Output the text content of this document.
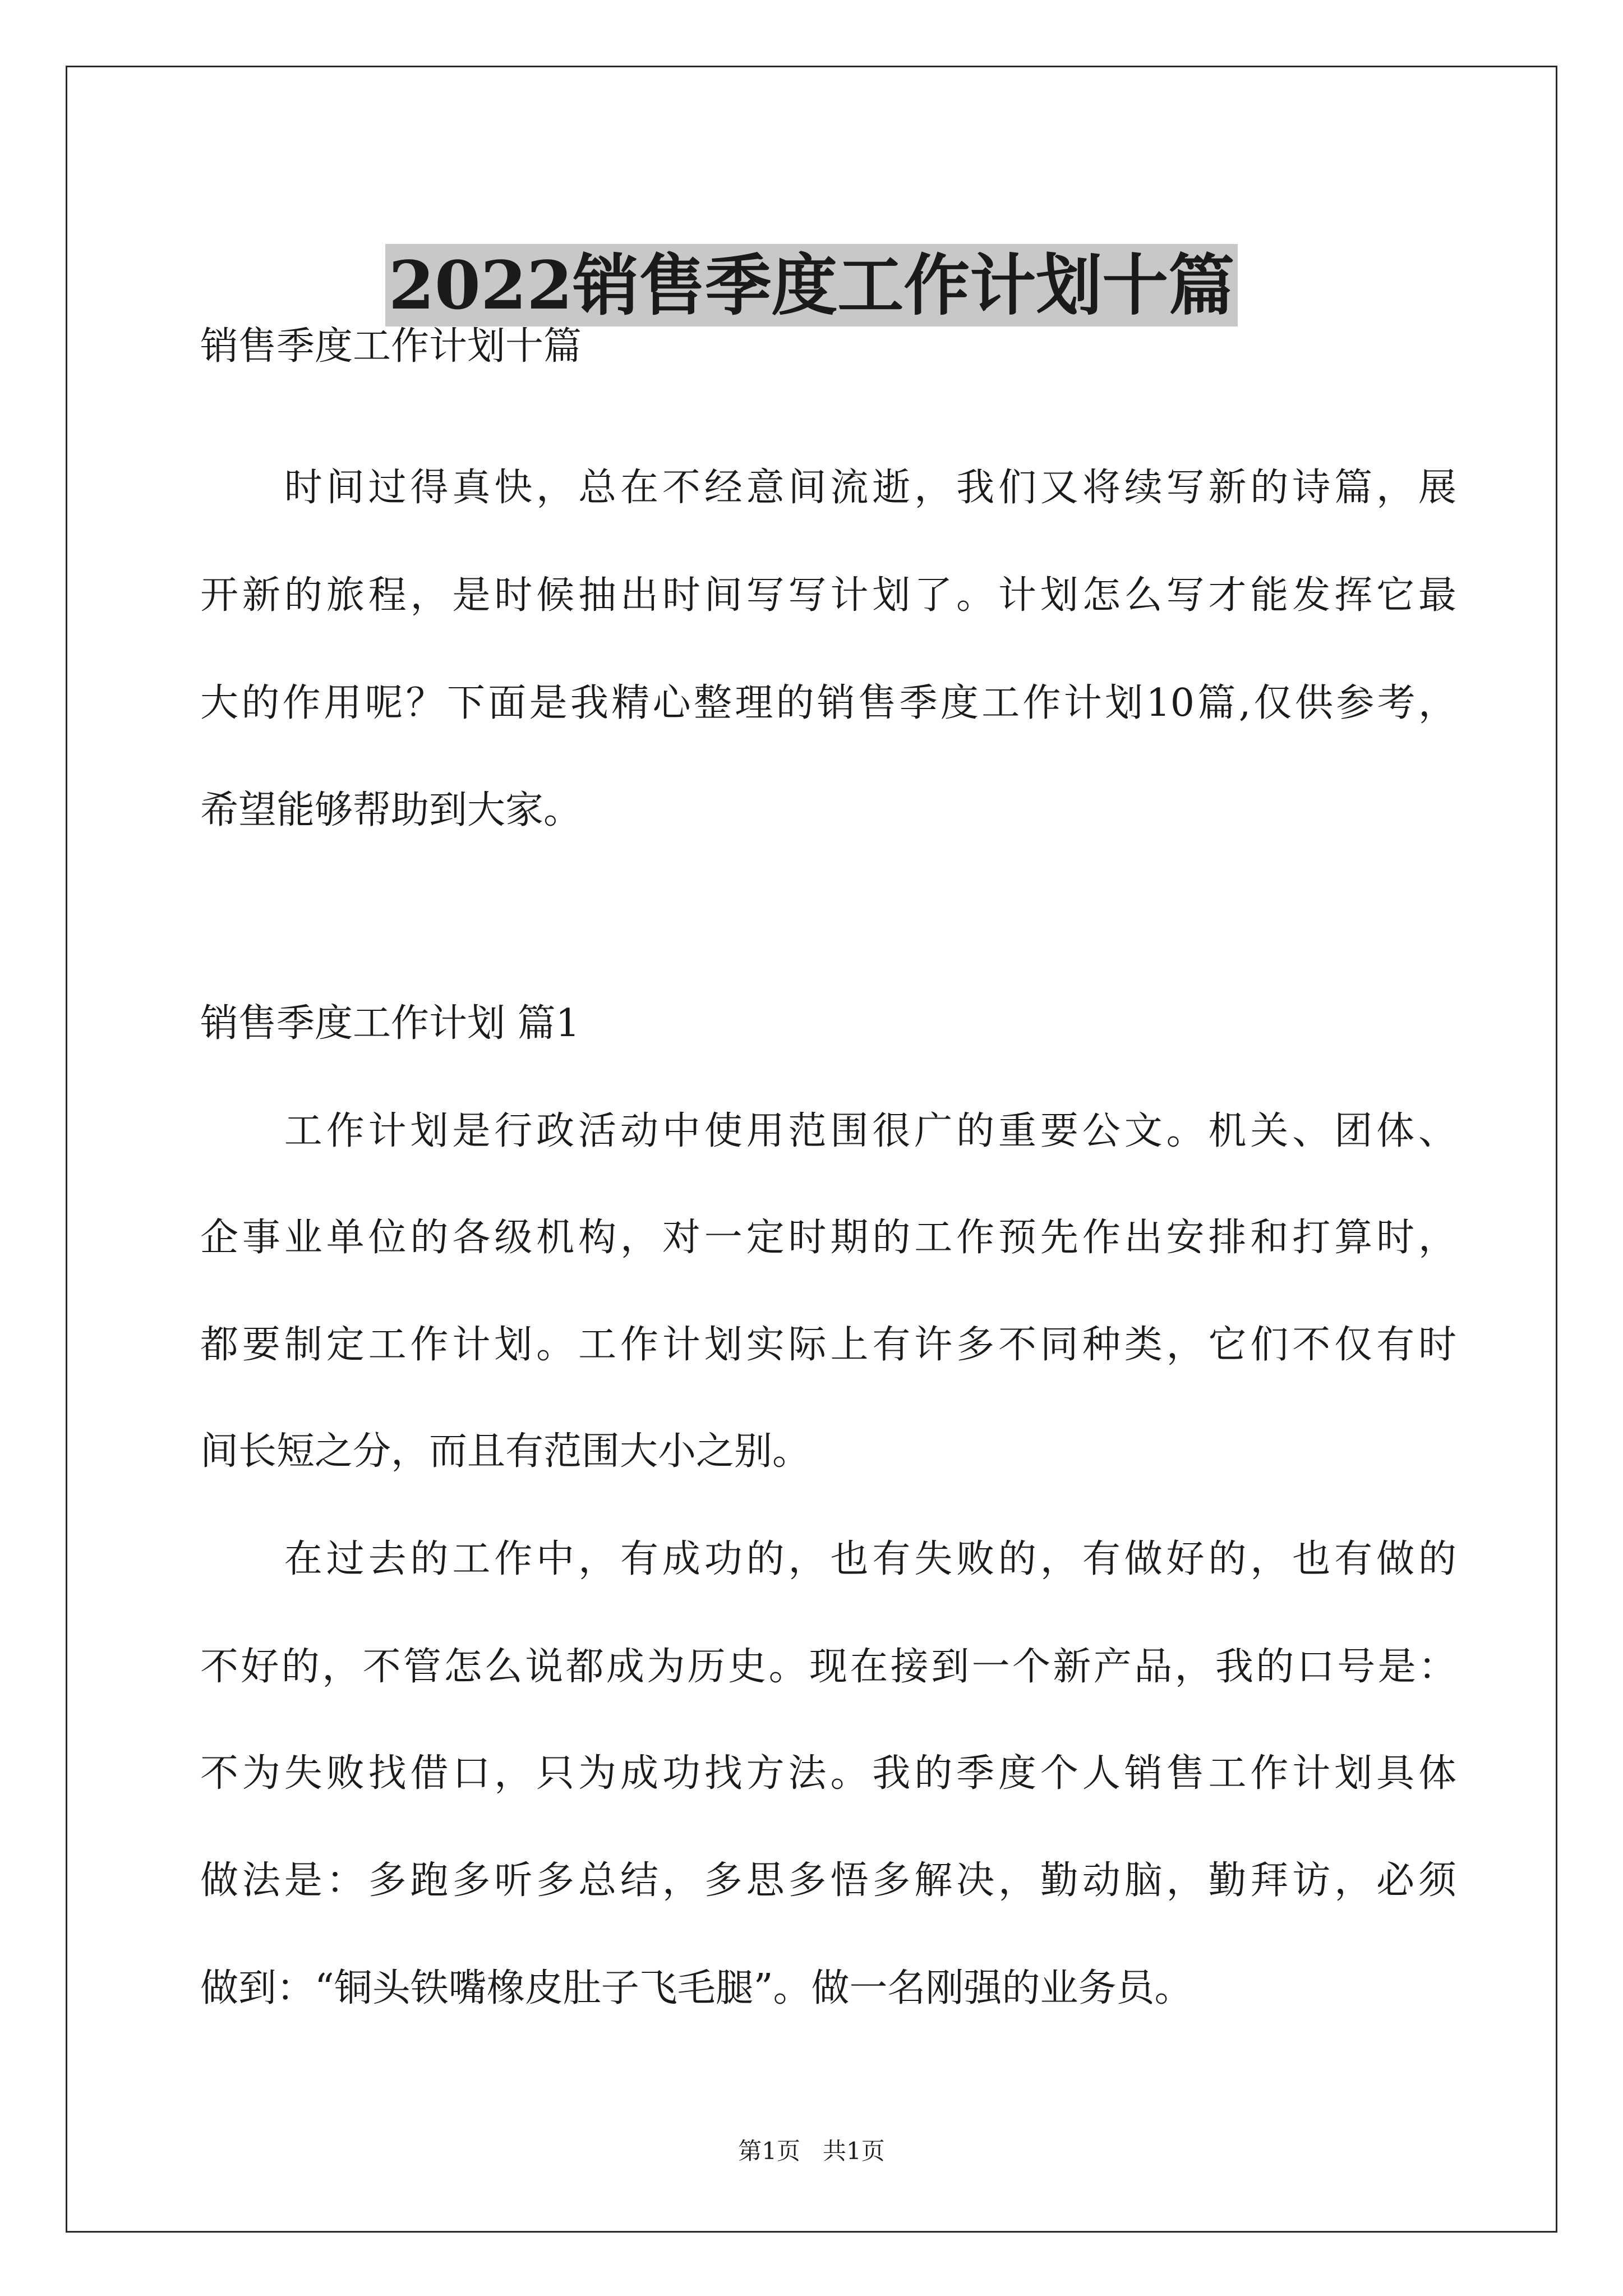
2022销售季度工作计划十篇

销售季度工作计划十篇

　　时间过得真快，总在不经意间流逝，我们又将续写新的诗篇，展

开新的旅程，是时候抽出时间写写计划了。计划怎么写才能发挥它最

大的作用呢？下面是我精心整理的销售季度工作计划10篇,仅供参考，

希望能够帮助到大家。

销售季度工作计划 篇1

　　工作计划是行政活动中使用范围很广的重要公文。机关、团体、

企事业单位的各级机构，对一定时期的工作预先作出安排和打算时，

都要制定工作计划。工作计划实际上有许多不同种类，它们不仅有时

间长短之分，而且有范围大小之别。

　　在过去的工作中，有成功的，也有失败的，有做好的，也有做的

不好的，不管怎么说都成为历史。现在接到一个新产品，我的口号是：

不为失败找借口，只为成功找方法。我的季度个人销售工作计划具体

做法是：多跑多听多总结，多思多悟多解决，勤动脑，勤拜访，必须

做到：“铜头铁嘴橡皮肚子飞毛腿”。做一名刚强的业务员。

第1页   共1页
